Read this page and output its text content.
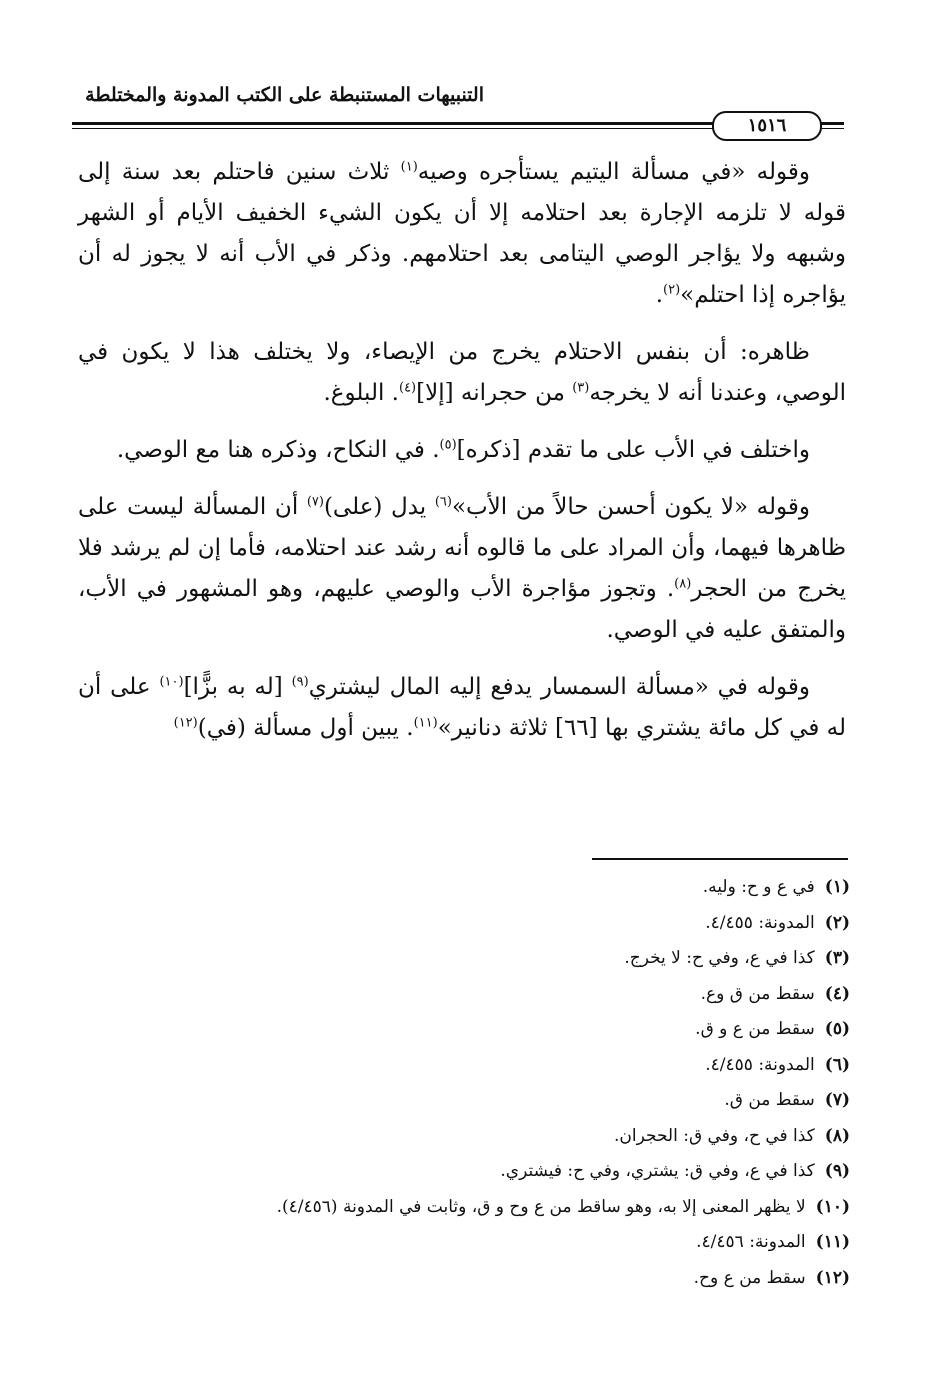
التنبيهات المستنبطة على الكتب المدونة والمختلطة
١٥١٦

وقوله «في مسألة اليتيم يستأجره وصيه$^{(١)}$ ثلاث سنين فاحتلم بعد سنة إلى قوله لا تلزمه الإجارة بعد احتلامه إلا أن يكون الشيء الخفيف الأيام أو الشهر وشبهه ولا يؤاجر الوصي اليتامى بعد احتلامهم. وذكر في الأب أنه لا يجوز له أن يؤاجره إذا احتلم»$^{(٢)}$.

ظاهره: أن بنفس الاحتلام يخرج من الإيصاء، ولا يختلف هذا لا يكون في الوصي، وعندنا أنه لا يخرجه$^{(٣)}$ من حجرانه [إلا]$^{(٤)}$. البلوغ.

واختلف في الأب على ما تقدم [ذكره]$^{(٥)}$. في النكاح، وذكره هنا مع الوصي.

وقوله «لا يكون أحسن حالاً من الأب»$^{(٦)}$ يدل (على)$^{(٧)}$ أن المسألة ليست على ظاهرها فيهما، وأن المراد على ما قالوه أنه رشد عند احتلامه، فأما إن لم يرشد فلا يخرج من الحجر$^{(٨)}$. وتجوز مؤاجرة الأب والوصي عليهم، وهو المشهور في الأب، والمتفق عليه في الوصي.

وقوله في «مسألة السمسار يدفع إليه المال ليشتري$^{(٩)}$ [له به بزًّا]$^{(١٠)}$ على أن له في كل مائة يشتري بها [٦٦] ثلاثة دنانير»$^{(١١)}$. يبين أول مسألة (في)$^{(١٢)}$

(١)في ع و ح: وليه.
(٢)المدونة: ٤/٤٥٥.
(٣)كذا في ع، وفي ح: لا يخرج.
(٤)سقط من ق وع.
(٥)سقط من ع و ق.
(٦)المدونة: ٤/٤٥٥.
(٧)سقط من ق.
(٨)كذا في ح، وفي ق: الحجران.
(٩)كذا في ع، وفي ق: يشتري، وفي ح: فيشتري.
(١٠)لا يظهر المعنى إلا به، وهو ساقط من ع وح و ق، وثابت في المدونة (٤/٤٥٦).
(١١)المدونة: ٤/٤٥٦.
(١٢)سقط من ع وح.
